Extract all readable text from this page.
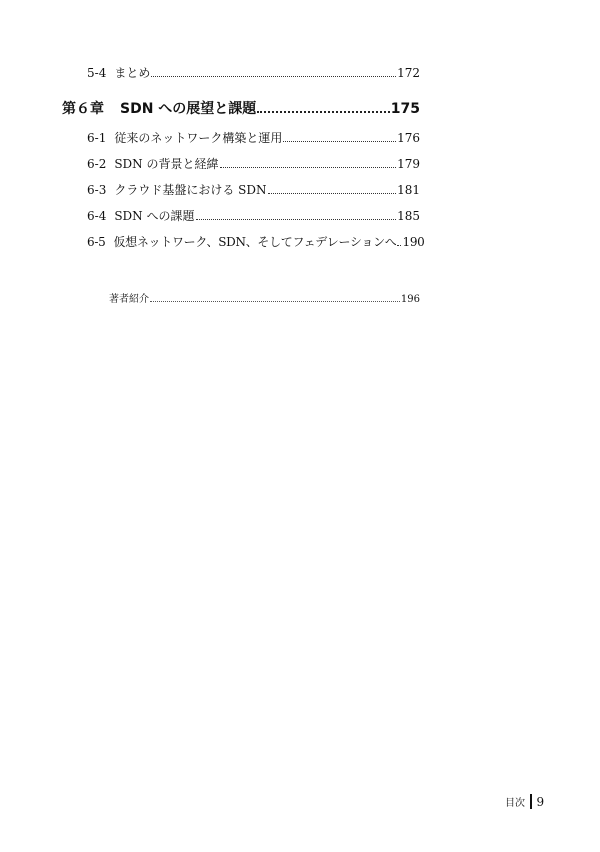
5-4 まとめ	172
第６章 SDN への展望と課題	175
6-1 従来のネットワーク構築と運用	176
6-2 SDN の背景と経緯	179
6-3 クラウド基盤における SDN	181
6-4 SDN への課題	185
6-5 仮想ネットワーク、SDN、そしてフェデレーションへ 190
著者紹介	196
目次 9
